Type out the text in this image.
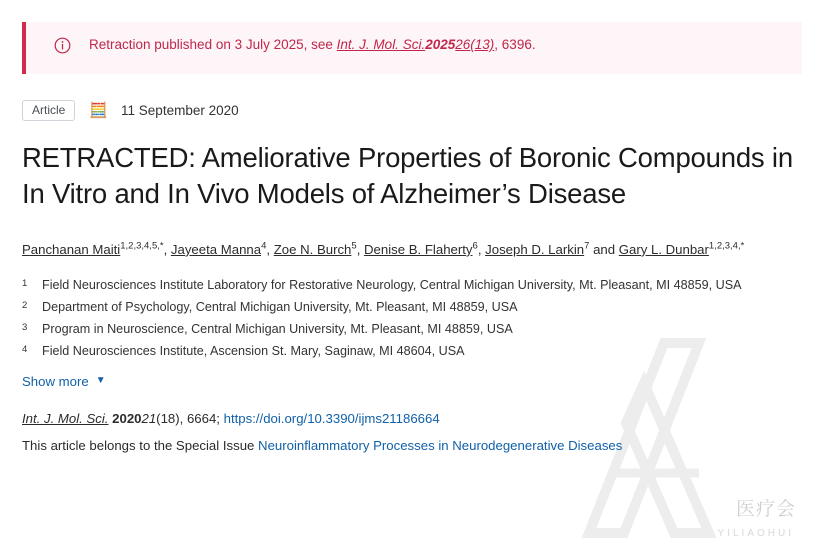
医疗会
YILIAOHUI
Retraction published on 3 July 2025, see Int. J. Mol. Sci.202526(13), 6396.
Article	🧮 11 September 2020
RETRACTED: Ameliorative Properties of Boronic Compounds in In Vitro and In Vivo Models of Alzheimer’s Disease
Panchanan Maiti$^{1,2,3,4,5,*}$, Jayeeta Manna$^4$, Zoe N. Burch$^5$, Denise B. Flaherty$^6$, Joseph D. Larkin$^7$ and Gary L. Dunbar$^{1,2,3,4,*}$
1	Field Neurosciences Institute Laboratory for Restorative Neurology, Central Michigan University, Mt. Pleasant, MI 48859, USA
2	Department of Psychology, Central Michigan University, Mt. Pleasant, MI 48859, USA
3	Program in Neuroscience, Central Michigan University, Mt. Pleasant, MI 48859, USA
4	Field Neurosciences Institute, Ascension St. Mary, Saginaw, MI 48604, USA
Show more ▼
Int. J. Mol. Sci. 202021(18), 6664; https://doi.org/10.3390/ijms21186664
This article belongs to the Special Issue Neuroinflammatory Processes in Neurodegenerative Diseases
